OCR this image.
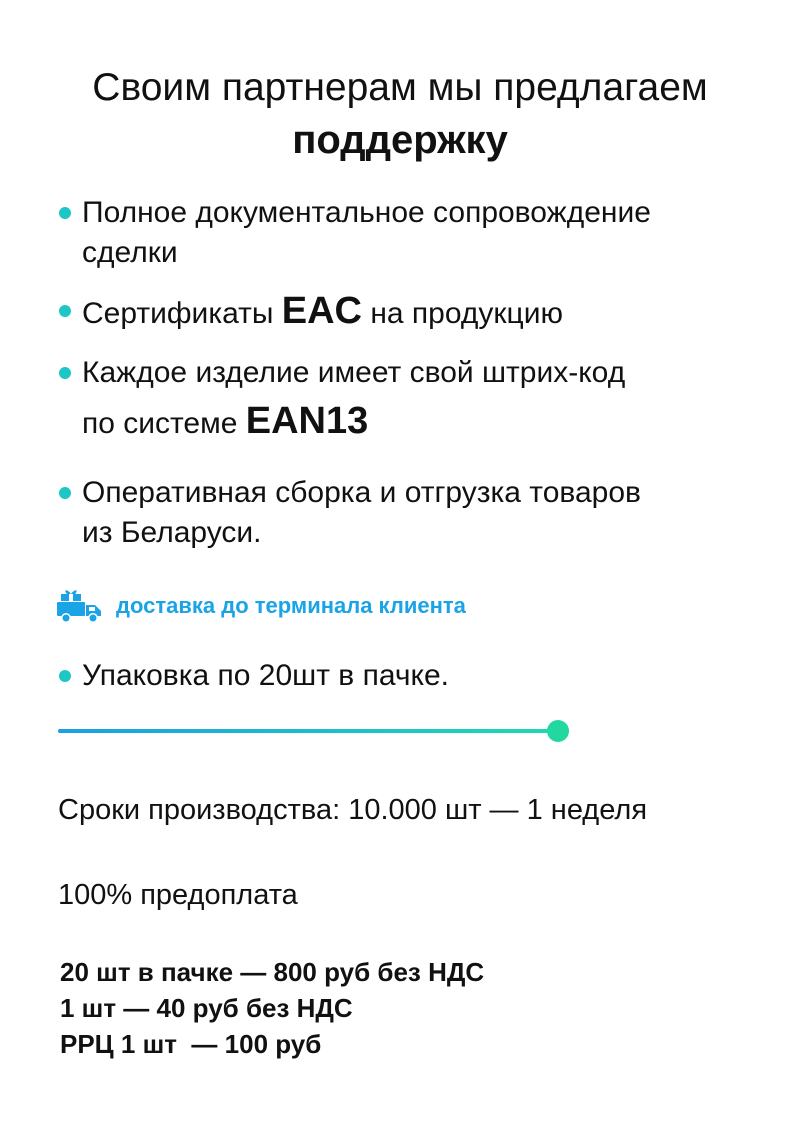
Своим партнерам мы предлагаем
поддержку
Полное документальное сопровождение
сделки
Сертификаты EAC на продукцию
Каждое изделие имеет свой штрих-код
по системе EAN13
Оперативная сборка и отгрузка товаров
из Беларуси.
доставка до терминала клиента
Упаковка по 20шт в пачке.
Сроки производства: 10.000 шт — 1 неделя
100% предоплата
20 шт в пачке — 800 руб без НДС
1 шт — 40 руб без НДС
РРЦ 1 шт  — 100 руб
